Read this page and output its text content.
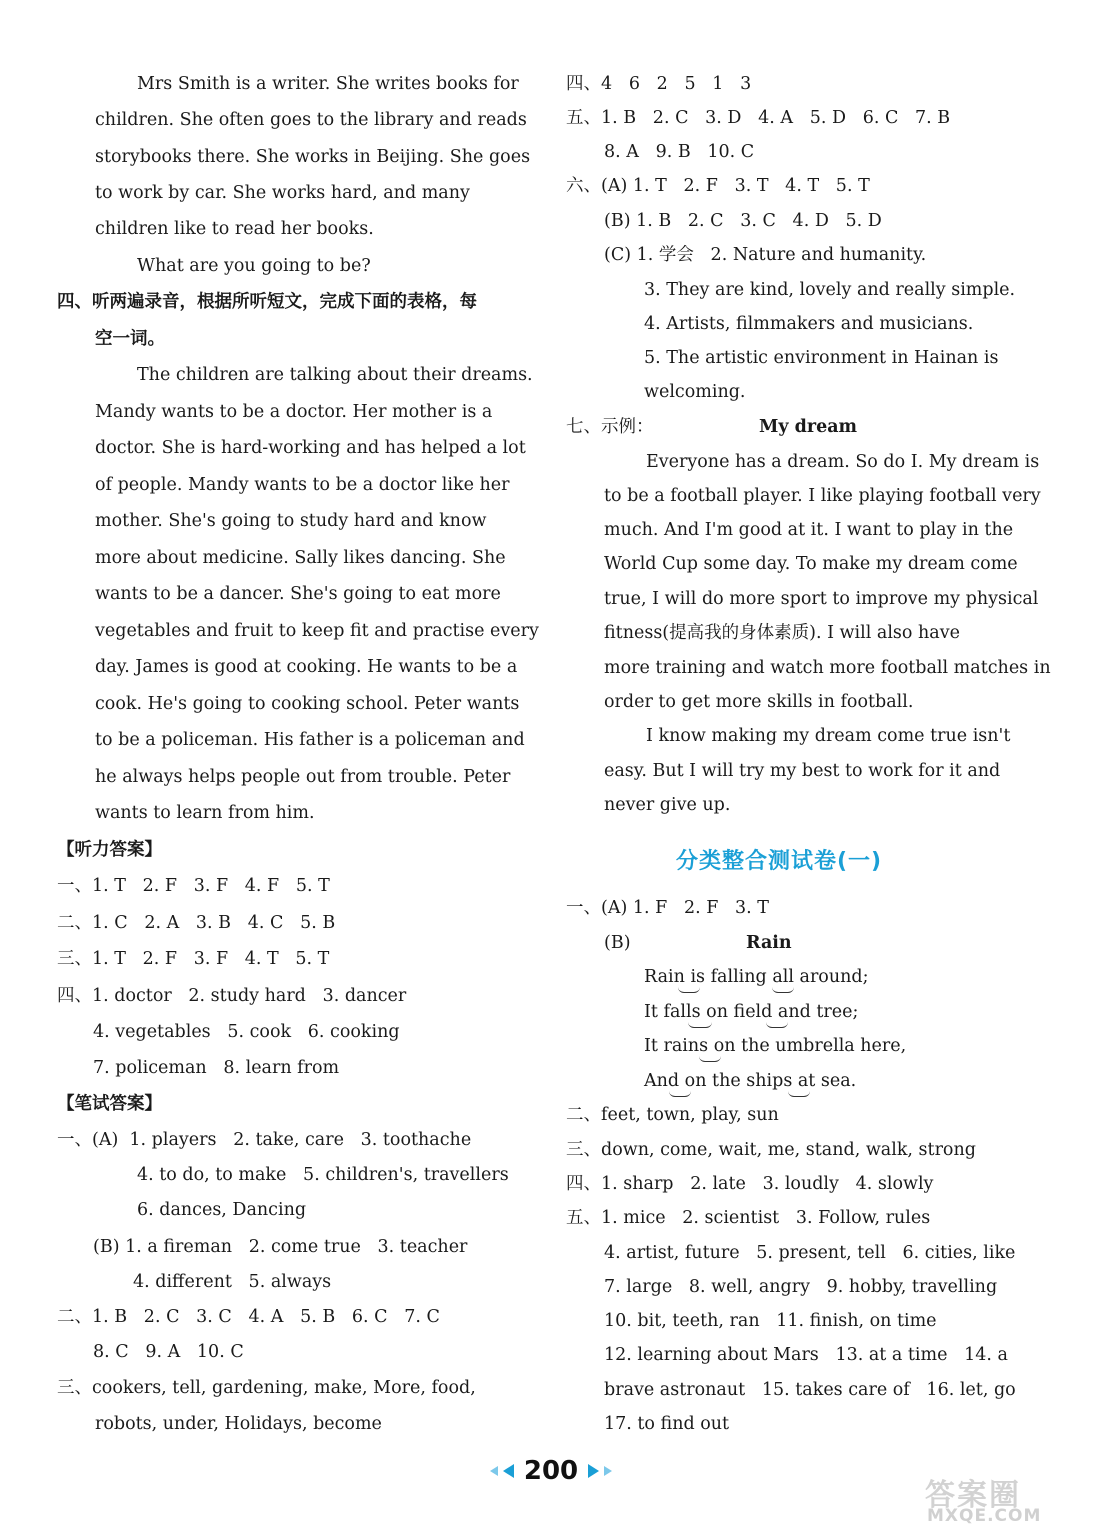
Mrs Smith is a writer. She writes books for
children. She often goes to the library and reads
storybooks there. She works in Beijing. She goes
to work by car. She works hard, and many
children like to read her books.
What are you going to be?
四、听两遍录音，根据所听短文，完成下面的表格，每
空一词。
The children are talking about their dreams.
Mandy wants to be a doctor. Her mother is a
doctor. She is hard-working and has helped a lot
of people. Mandy wants to be a doctor like her
mother. She's going to study hard and know
more about medicine. Sally likes dancing. She
wants to be a dancer. She's going to eat more
vegetables and fruit to keep fit and practise every
day. James is good at cooking. He wants to be a
cook. He's going to cooking school. Peter wants
to be a policeman. His father is a policeman and
he always helps people out from trouble. Peter
wants to learn from him.
【听力答案】
一、1. T   2. F   3. F   4. F   5. T
二、1. C   2. A   3. B   4. C   5. B
三、1. T   2. F   3. F   4. T   5. T
四、1. doctor   2. study hard   3. dancer
4. vegetables   5. cook   6. cooking
7. policeman   8. learn from
【笔试答案】
一、(A)  1. players   2. take, care   3. toothache
4. to do, to make   5. children's, travellers
6. dances, Dancing
(B) 1. a fireman   2. come true   3. teacher
4. different   5. always
二、1. B   2. C   3. C   4. A   5. B   6. C   7. C
8. C   9. A   10. C
三、cookers, tell, gardening, make, More, food,
robots, under, Holidays, become
四、4   6   2   5   1   3
五、1. B   2. C   3. D   4. A   5. D   6. C   7. B
8. A   9. B   10. C
六、(A) 1. T   2. F   3. T   4. T   5. T
(B) 1. B   2. C   3. C   4. D   5. D
(C) 1. 学会   2. Nature and humanity.
3. They are kind, lovely and really simple.
4. Artists, filmmakers and musicians.
5. The artistic environment in Hainan is
welcoming.
七、示例：	My dream
Everyone has a dream. So do I. My dream is
to be a football player. I like playing football very
much. And I'm good at it. I want to play in the
World Cup some day. To make my dream come
true, I will do more sport to improve my physical
fitness(提高我的身体素质). I will also have
more training and watch more football matches in
order to get more skills in football.
I know making my dream come true isn't
easy. But I will try my best to work for it and
never give up.
一、(A) 1. F   2. F   3. T
(B)	Rain
Rain is falling all around;
It falls on field and tree;
It rains on the umbrella here,
And on the ships at sea.
二、feet, town, play, sun
三、down, come, wait, me, stand, walk, strong
四、1. sharp   2. late   3. loudly   4. slowly
五、1. mice   2. scientist   3. Follow, rules
4. artist, future   5. present, tell   6. cities, like
7. large   8. well, angry   9. hobby, travelling
10. bit, teeth, ran   11. finish, on time
12. learning about Mars   13. at a time   14. a
brave astronaut   15. takes care of   16. let, go
17. to find out
分类整合测试卷(一)
200
答案圈
MXQE.COM
